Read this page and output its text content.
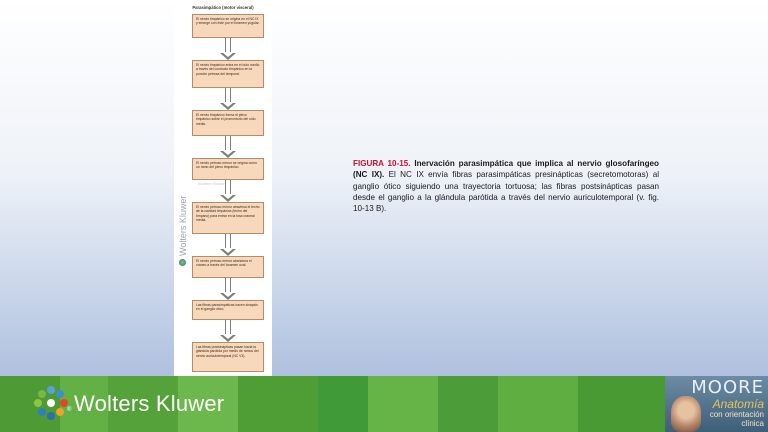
Parasimpático (motor visceral)
El nervio timpánico se origina en el NC IX y emerge con éste por el foramen yugular.
El nervio timpánico entra en el oído medio a través del conducto timpánico en la porción petrosa del temporal.
El nervio timpánico forma el plexo timpánico sobre el promontorio del oído medio.
El nervio petroso menor se origina como un ramo del plexo timpánico.
Wolters Kluwer
El nervio petroso menor atraviesa el techo de la cavidad timpánica (techo del tímpano) para entrar en la fosa craneal media.
El nervio petroso menor abandona el cráneo a través del foramen oval.
Las fibras parasimpáticas hacen sinapsis en el ganglio ótico.
Las fibras postsinápticas pasan hacia la glándula parótida por medio de ramos del nervio auriculotemporal (NC V3).
Wolters Kluwer
FIGURA 10-15. Inervación parasimpática que implica al nervio glosofaríngeo (NC IX). El NC IX envía fibras parasimpáticas presinápticas (secretomotoras) al ganglio ótico siguiendo una trayectoria tortuosa; las fibras postsinápticas pasan desde el ganglio a la glándula parótida a través del nervio auriculotemporal (v. fig. 10-13 B).
® Wolters Kluwer
MOORE
Anatomía
con orientación
clínica
